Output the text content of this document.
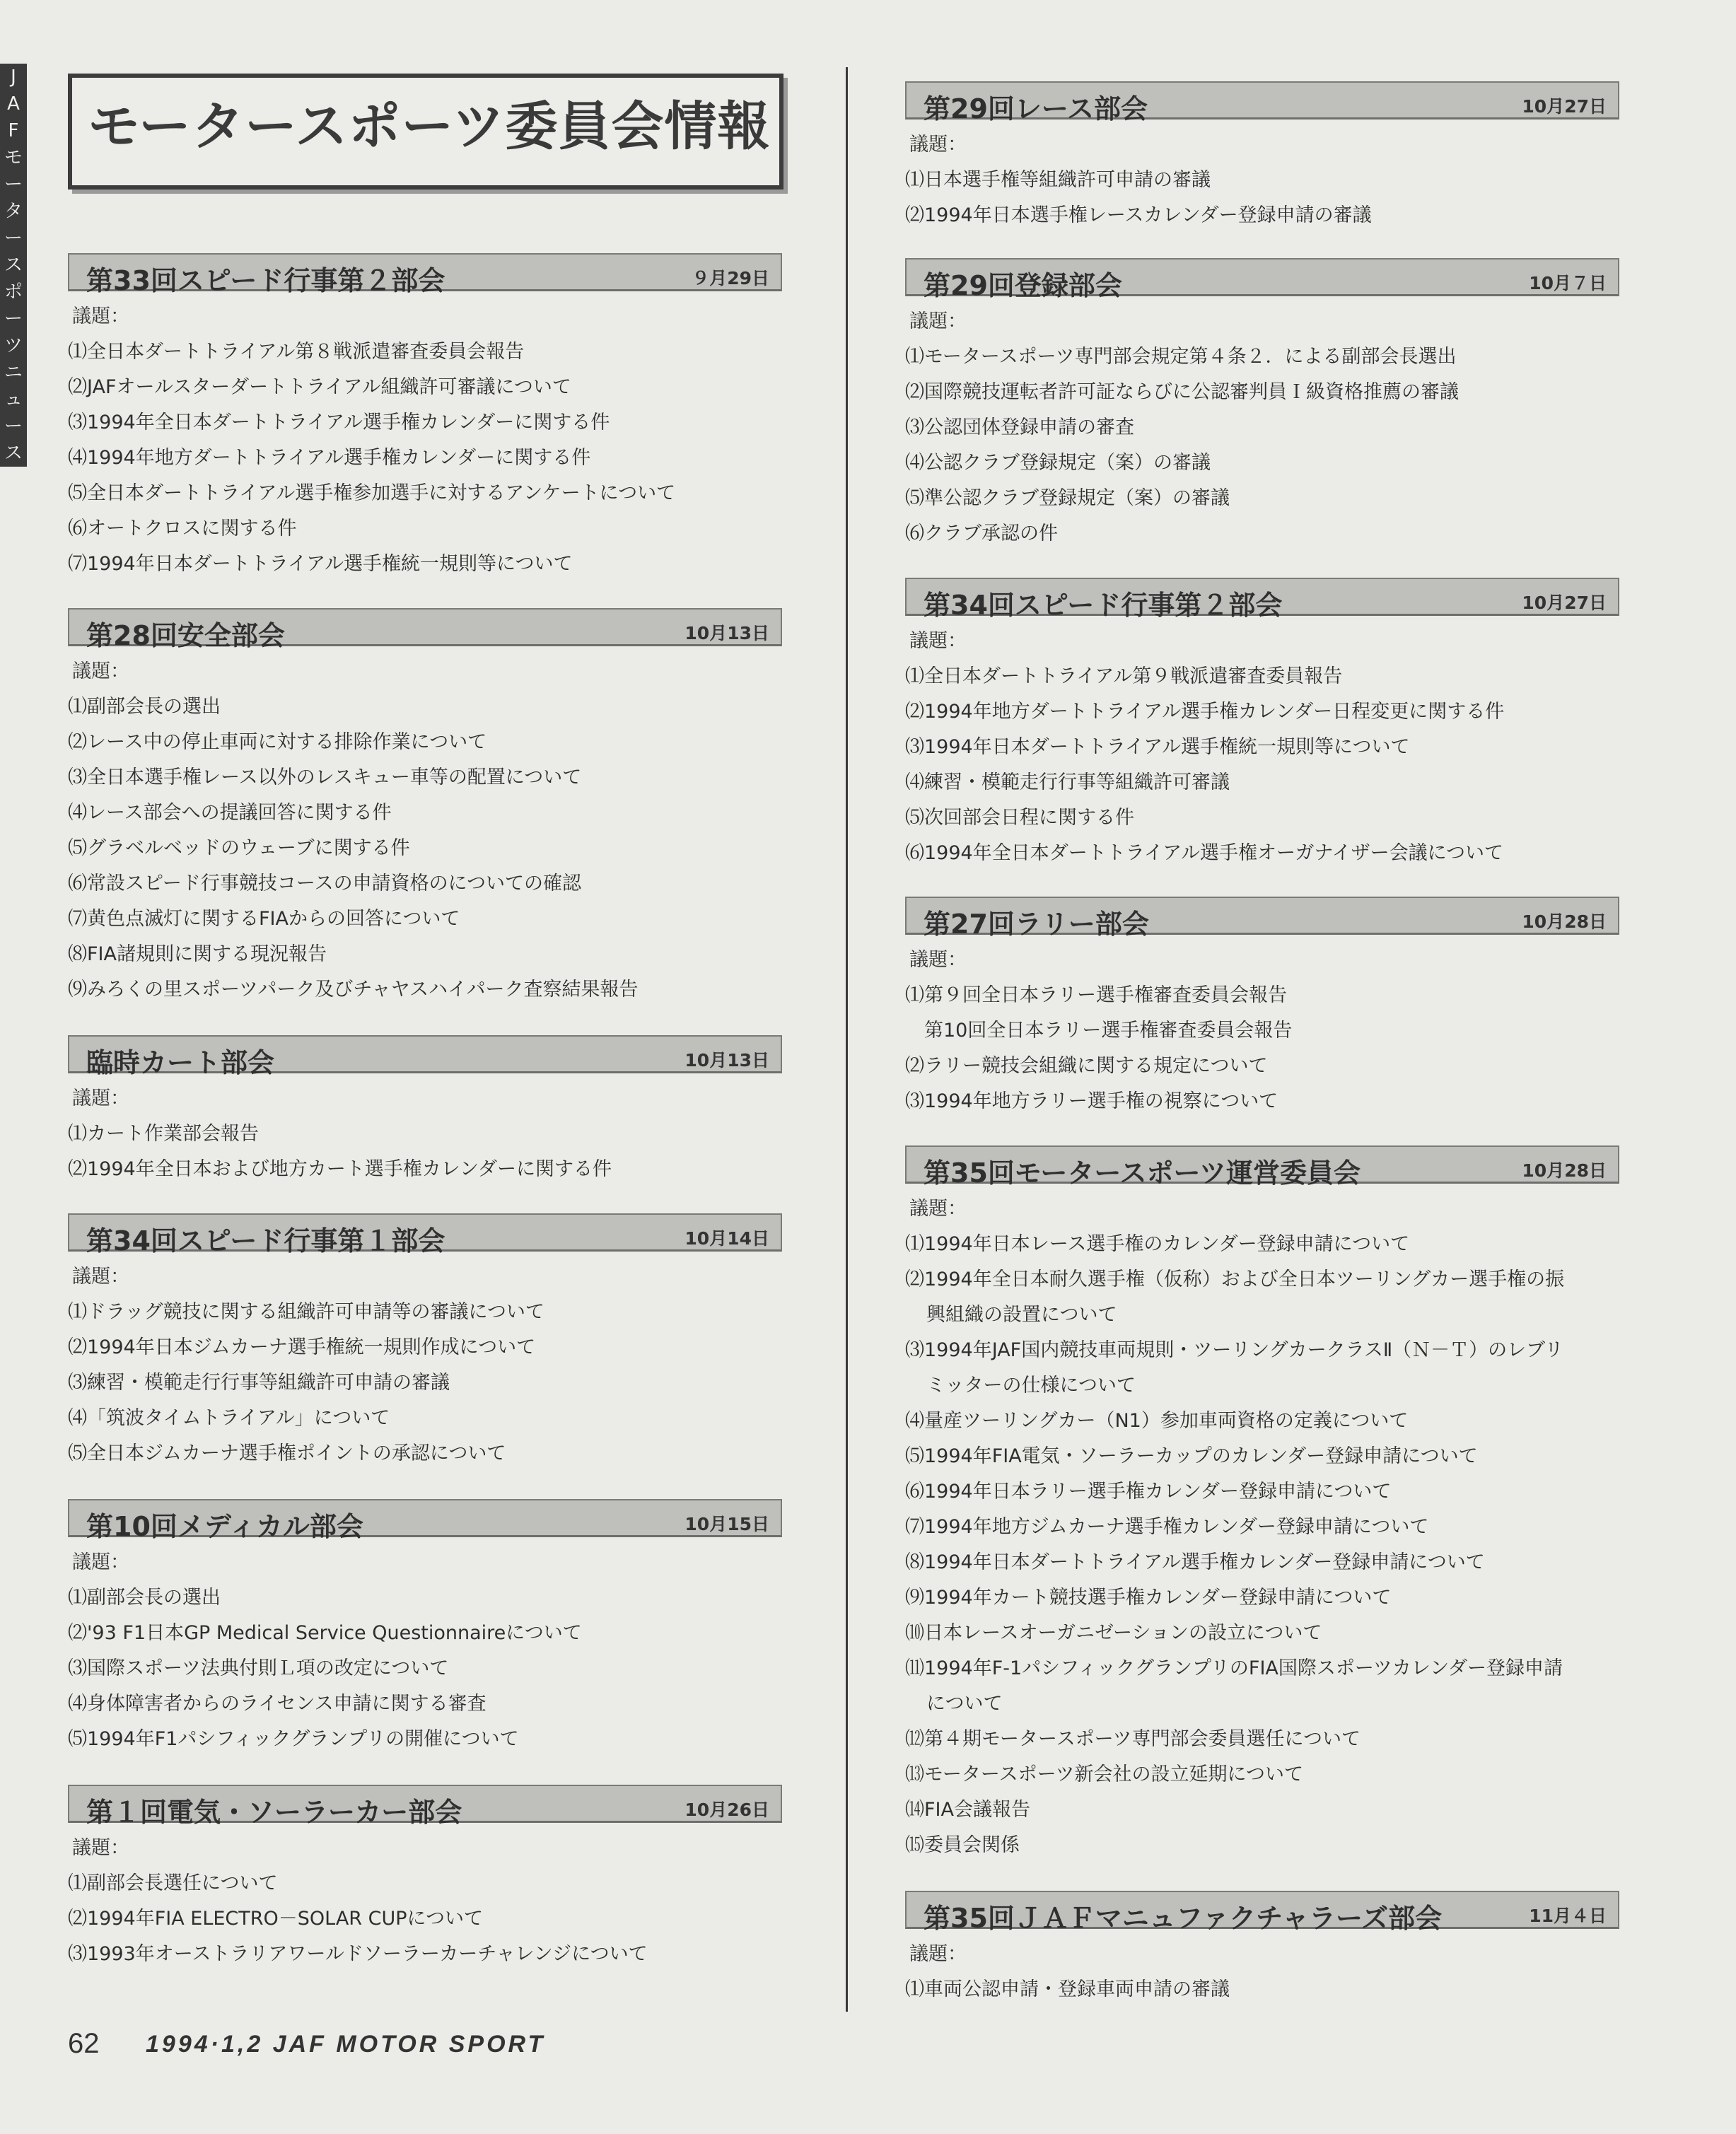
J
A
F
モ
ー
タ
ー
ス
ポ
ー
ツ
ニ
ュ
ー
ス
モータースポーツ委員会情報
第33回スピード行事第２部会	９月29日
議題：
⑴全日本ダートトライアル第８戦派遣審査委員会報告
⑵JAFオールスターダートトライアル組織許可審議について
⑶1994年全日本ダートトライアル選手権カレンダーに関する件
⑷1994年地方ダートトライアル選手権カレンダーに関する件
⑸全日本ダートトライアル選手権参加選手に対するアンケートについて
⑹オートクロスに関する件
⑺1994年日本ダートトライアル選手権統一規則等について
第28回安全部会	10月13日
議題：
⑴副部会長の選出
⑵レース中の停止車両に対する排除作業について
⑶全日本選手権レース以外のレスキュー車等の配置について
⑷レース部会への提議回答に関する件
⑸グラベルベッドのウェーブに関する件
⑹常設スピード行事競技コースの申請資格のについての確認
⑺黄色点滅灯に関するFIAからの回答について
⑻FIA諸規則に関する現況報告
⑼みろくの里スポーツパーク及びチャヤスハイパーク査察結果報告
臨時カート部会	10月13日
議題：
⑴カート作業部会報告
⑵1994年全日本および地方カート選手権カレンダーに関する件
第34回スピード行事第１部会	10月14日
議題：
⑴ドラッグ競技に関する組織許可申請等の審議について
⑵1994年日本ジムカーナ選手権統一規則作成について
⑶練習・模範走行行事等組織許可申請の審議
⑷「筑波タイムトライアル」について
⑸全日本ジムカーナ選手権ポイントの承認について
第10回メディカル部会	10月15日
議題：
⑴副部会長の選出
⑵'93 F1日本GP Medical Service Questionnaireについて
⑶国際スポーツ法典付則Ｌ項の改定について
⑷身体障害者からのライセンス申請に関する審査
⑸1994年F1パシフィックグランプリの開催について
第１回電気・ソーラーカー部会	10月26日
議題：
⑴副部会長選任について
⑵1994年FIA ELECTRO－SOLAR CUPについて
⑶1993年オーストラリアワールドソーラーカーチャレンジについて
第29回レース部会	10月27日
議題：
⑴日本選手権等組織許可申請の審議
⑵1994年日本選手権レースカレンダー登録申請の審議
第29回登録部会	10月７日
議題：
⑴モータースポーツ専門部会規定第４条２．による副部会長選出
⑵国際競技運転者許可証ならびに公認審判員Ｉ級資格推薦の審議
⑶公認団体登録申請の審査
⑷公認クラブ登録規定（案）の審議
⑸準公認クラブ登録規定（案）の審議
⑹クラブ承認の件
第34回スピード行事第２部会	10月27日
議題：
⑴全日本ダートトライアル第９戦派遣審査委員報告
⑵1994年地方ダートトライアル選手権カレンダー日程変更に関する件
⑶1994年日本ダートトライアル選手権統一規則等について
⑷練習・模範走行行事等組織許可審議
⑸次回部会日程に関する件
⑹1994年全日本ダートトライアル選手権オーガナイザー会議について
第27回ラリー部会	10月28日
議題：
⑴第９回全日本ラリー選手権審査委員会報告
　第10回全日本ラリー選手権審査委員会報告
⑵ラリー競技会組織に関する規定について
⑶1994年地方ラリー選手権の視察について
第35回モータースポーツ運営委員会	10月28日
議題：
⑴1994年日本レース選手権のカレンダー登録申請について
⑵1994年全日本耐久選手権（仮称）および全日本ツーリングカー選手権の振
興組織の設置について
⑶1994年JAF国内競技車両規則・ツーリングカークラスⅡ（Ｎ－Ｔ）のレブリ
ミッターの仕様について
⑷量産ツーリングカー（N1）参加車両資格の定義について
⑸1994年FIA電気・ソーラーカップのカレンダー登録申請について
⑹1994年日本ラリー選手権カレンダー登録申請について
⑺1994年地方ジムカーナ選手権カレンダー登録申請について
⑻1994年日本ダートトライアル選手権カレンダー登録申請について
⑼1994年カート競技選手権カレンダー登録申請について
⑽日本レースオーガニゼーションの設立について
⑾1994年F-1パシフィックグランプリのFIA国際スポーツカレンダー登録申請
について
⑿第４期モータースポーツ専門部会委員選任について
⒀モータースポーツ新会社の設立延期について
⒁FIA会議報告
⒂委員会関係
第35回ＪＡＦマニュファクチャラーズ部会	11月４日
議題：
⑴車両公認申請・登録車両申請の審議
62 1994·1,2 JAF MOTOR SPORT
